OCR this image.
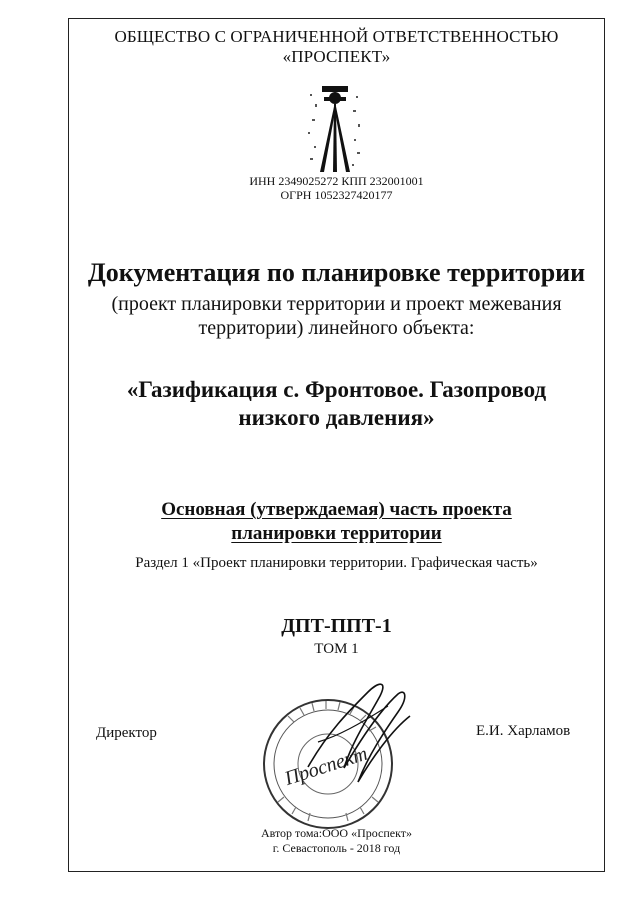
ОБЩЕСТВО С ОГРАНИЧЕННОЙ ОТВЕТСТВЕННОСТЬЮ
«ПРОСПЕКТ»
ИНН 2349025272 КПП 232001001
ОГРН 1052327420177
Документация по планировке территории
(проект планировки территории и проект межевания
территории) линейного объекта:
«Газификация с. Фронтовое. Газопровод
низкого давления»
Основная (утверждаемая) часть проекта
планировки территории
Раздел 1 «Проект планировки территории. Графическая часть»
ДПТ-ППТ-1
ТОМ 1
Директор	Е.И. Харламов
Проспект
Автор тома:ООО «Проспект»
г. Севастополь - 2018 год
